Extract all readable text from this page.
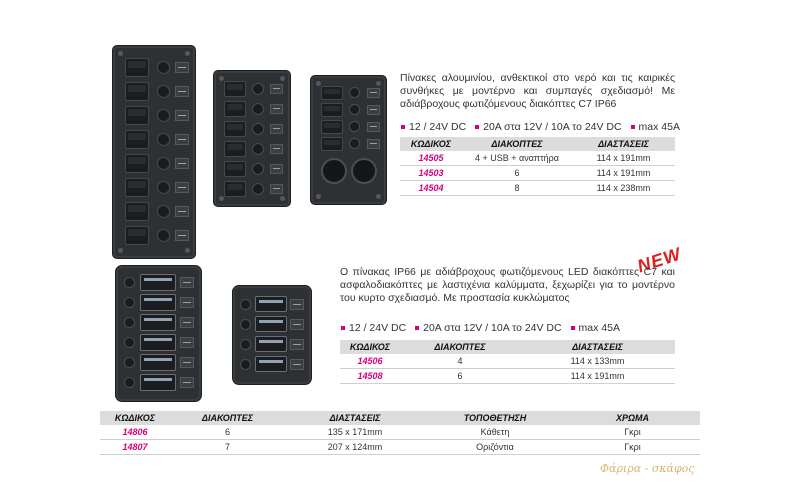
Πίνακες αλουμινίου, ανθεκτικοί στο νερό και τις καιρικές συνθήκες με μοντέρνο και συμπαγές σχεδιασμό! Με αδιάβροχους φωτιζόμενους διακόπτες C7 IP66
12 / 24V DC 20A στα 12V / 10A το 24V DC max 45A
ΚΩΔΙΚΟΣ	ΔΙΑΚΟΠΤΕΣ	ΔΙΑΣΤΑΣΕΙΣ
14505	4 + USB + αναπτήρα	114 x 191mm
14503	6	114 x 191mm
14504	8	114 x 238mm
NEW
Ο πίνακας IP66 με αδιάβροχους φωτιζόμενους LED διακόπτες C7 και ασφαλοδιακόπτες με λαστιχένια καλύμματα, ξεχωρίζει για το μοντέρνο του κυρτο σχεδιασμό. Με προστασία κυκλώματος
12 / 24V DC 20A στα 12V / 10A το 24V DC max 45A
ΚΩΔΙΚΟΣ	ΔΙΑΚΟΠΤΕΣ	ΔΙΑΣΤΑΣΕΙΣ
14506	4	114 x 133mm
14508	6	114 x 191mm
ΚΩΔΙΚΟΣ	ΔΙΑΚΟΠΤΕΣ	ΔΙΑΣΤΑΣΕΙΣ	ΤΟΠΟΘΕΤΗΣΗ	ΧΡΩΜΑ
14806	6	135 x 171mm	Κάθετη	Γκρι
14807	7	207 x 124mm	Οριζόντια	Γκρι
Φάριρα - σκάφος
